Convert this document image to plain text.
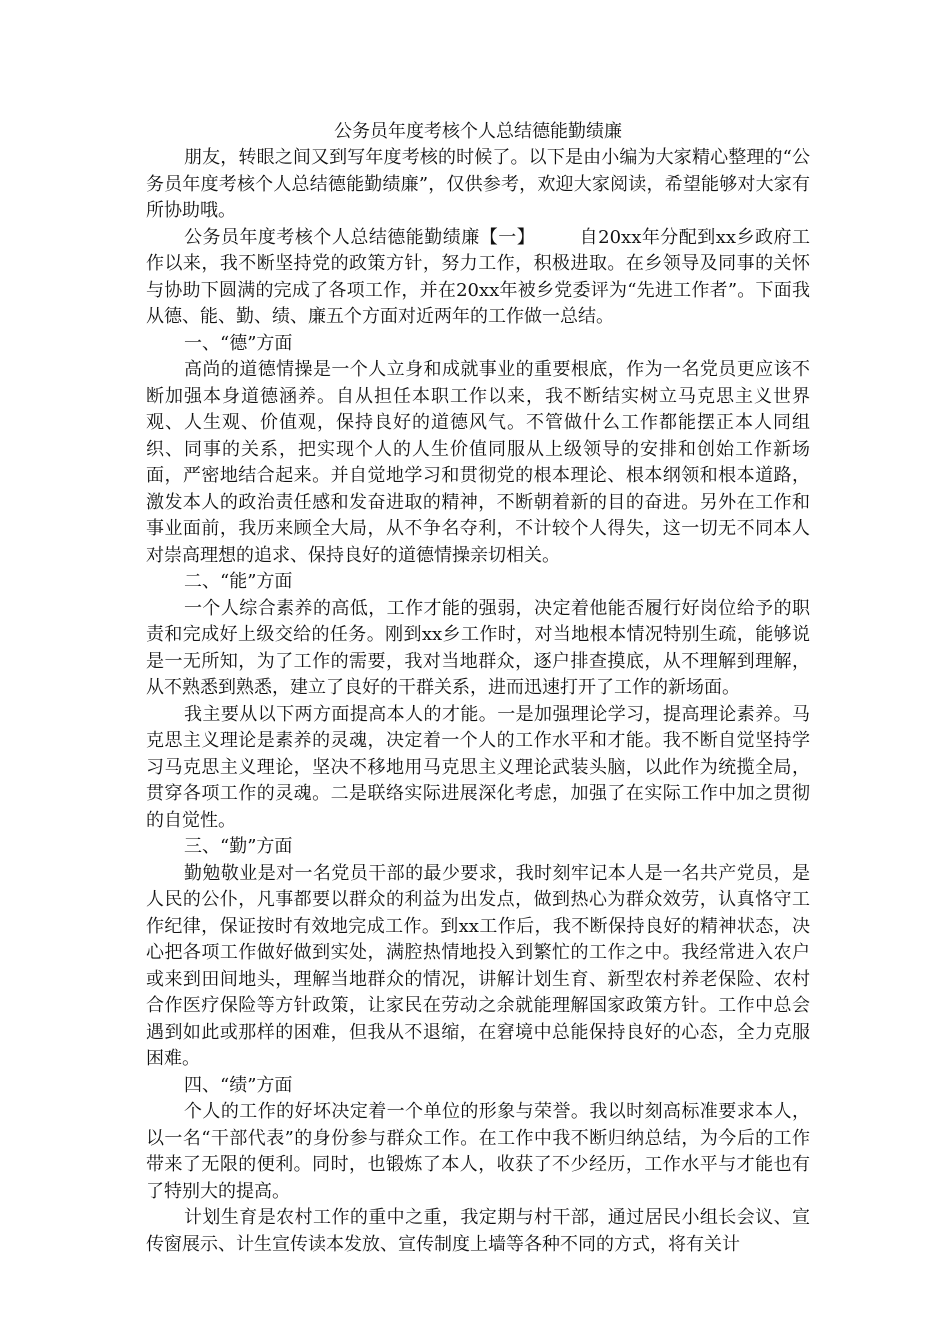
公务员年度考核个人总结德能勤绩廉

朋友，转眼之间又到写年度考核的时候了。以下是由小编为大家精心整理的“公务员年度考核个人总结德能勤绩廉”，仅供参考，欢迎大家阅读，希望能够对大家有所协助哦。

公务员年度考核个人总结德能勤绩廉【一】 自20xx年分配到xx乡政府工作以来，我不断坚持党的政策方针，努力工作，积极进取。在乡领导及同事的关怀与协助下圆满的完成了各项工作，并在20xx年被乡党委评为“先进工作者”。下面我从德、能、勤、绩、廉五个方面对近两年的工作做一总结。

一、“德”方面

高尚的道德情操是一个人立身和成就事业的重要根底，作为一名党员更应该不断加强本身道德涵养。自从担任本职工作以来，我不断结实树立马克思主义世界观、人生观、价值观，保持良好的道德风气。不管做什么工作都能摆正本人同组织、同事的关系，把实现个人的人生价值同服从上级领导的安排和创始工作新场面，严密地结合起来。并自觉地学习和贯彻党的根本理论、根本纲领和根本道路，激发本人的政治责任感和发奋进取的精神，不断朝着新的目的奋进。另外在工作和事业面前，我历来顾全大局，从不争名夺利，不计较个人得失，这一切无不同本人对崇高理想的追求、保持良好的道德情操亲切相关。

二、“能”方面

一个人综合素养的高低，工作才能的强弱，决定着他能否履行好岗位给予的职责和完成好上级交给的任务。刚到xx乡工作时，对当地根本情况特别生疏，能够说是一无所知，为了工作的需要，我对当地群众，逐户排查摸底，从不理解到理解，从不熟悉到熟悉，建立了良好的干群关系，进而迅速打开了工作的新场面。

我主要从以下两方面提高本人的才能。一是加强理论学习，提高理论素养。马克思主义理论是素养的灵魂，决定着一个人的工作水平和才能。我不断自觉坚持学习马克思主义理论，坚决不移地用马克思主义理论武装头脑，以此作为统揽全局，贯穿各项工作的灵魂。二是联络实际进展深化考虑，加强了在实际工作中加之贯彻的自觉性。

三、“勤”方面

勤勉敬业是对一名党员干部的最少要求，我时刻牢记本人是一名共产党员，是人民的公仆，凡事都要以群众的利益为出发点，做到热心为群众效劳，认真恪守工作纪律，保证按时有效地完成工作。到xx工作后，我不断保持良好的精神状态，决心把各项工作做好做到实处，满腔热情地投入到繁忙的工作之中。我经常进入农户或来到田间地头，理解当地群众的情况，讲解计划生育、新型农村养老保险、农村合作医疗保险等方针政策，让家民在劳动之余就能理解国家政策方针。工作中总会遇到如此或那样的困难，但我从不退缩，在窘境中总能保持良好的心态，全力克服困难。

四、“绩”方面

个人的工作的好坏决定着一个单位的形象与荣誉。我以时刻高标准要求本人，以一名“干部代表”的身份参与群众工作。在工作中我不断归纳总结，为今后的工作带来了无限的便利。同时，也锻炼了本人，收获了不少经历，工作水平与才能也有了特别大的提高。

计划生育是农村工作的重中之重，我定期与村干部，通过居民小组长会议、宣传窗展示、计生宣传读本发放、宣传制度上墙等各种不同的方式，将有关计
